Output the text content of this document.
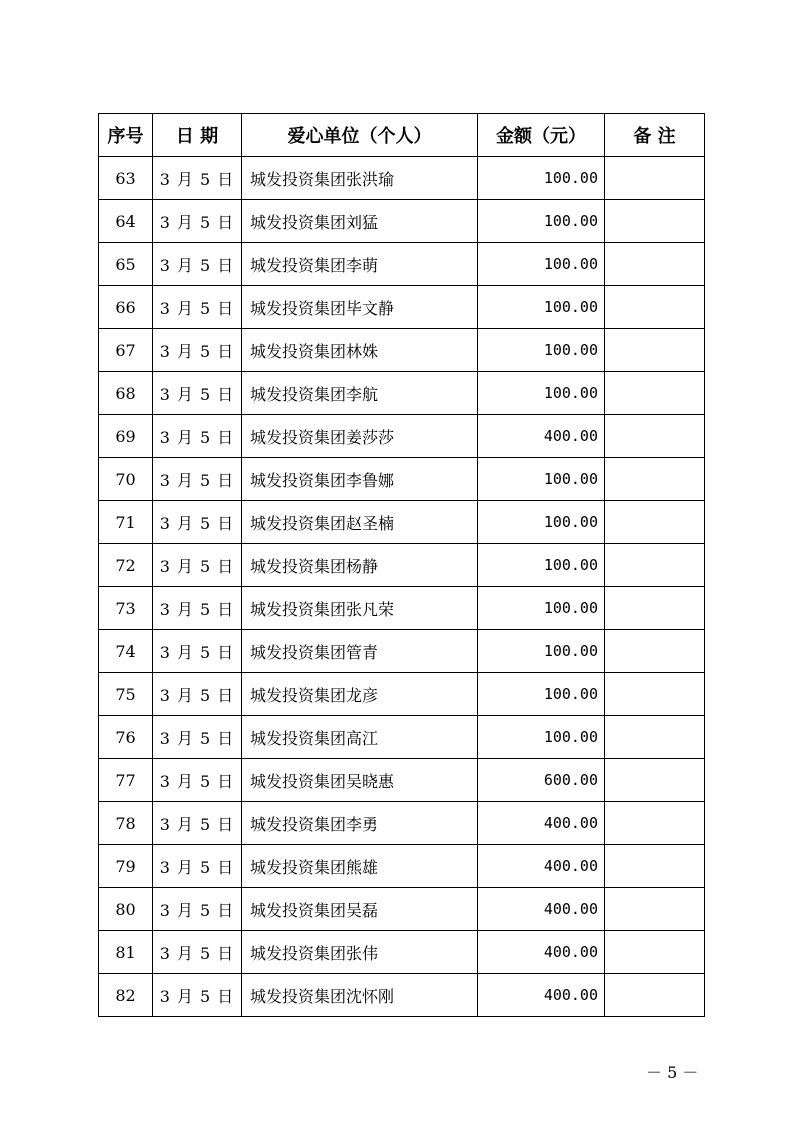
序号	日 期	爱心单位（个人）	金额（元）	备 注
63	3 月 5 日	城发投资集团张洪瑜	100.00	
64	3 月 5 日	城发投资集团刘猛	100.00	
65	3 月 5 日	城发投资集团李萌	100.00	
66	3 月 5 日	城发投资集团毕文静	100.00	
67	3 月 5 日	城发投资集团林姝	100.00	
68	3 月 5 日	城发投资集团李航	100.00	
69	3 月 5 日	城发投资集团姜莎莎	400.00	
70	3 月 5 日	城发投资集团李鲁娜	100.00	
71	3 月 5 日	城发投资集团赵圣楠	100.00	
72	3 月 5 日	城发投资集团杨静	100.00	
73	3 月 5 日	城发投资集团张凡荣	100.00	
74	3 月 5 日	城发投资集团管青	100.00	
75	3 月 5 日	城发投资集团龙彦	100.00	
76	3 月 5 日	城发投资集团高江	100.00	
77	3 月 5 日	城发投资集团吴晓惠	600.00	
78	3 月 5 日	城发投资集团李勇	400.00	
79	3 月 5 日	城发投资集团熊雄	400.00	
80	3 月 5 日	城发投资集团吴磊	400.00	
81	3 月 5 日	城发投资集团张伟	400.00	
82	3 月 5 日	城发投资集团沈怀刚	400.00	
－ 5 －
